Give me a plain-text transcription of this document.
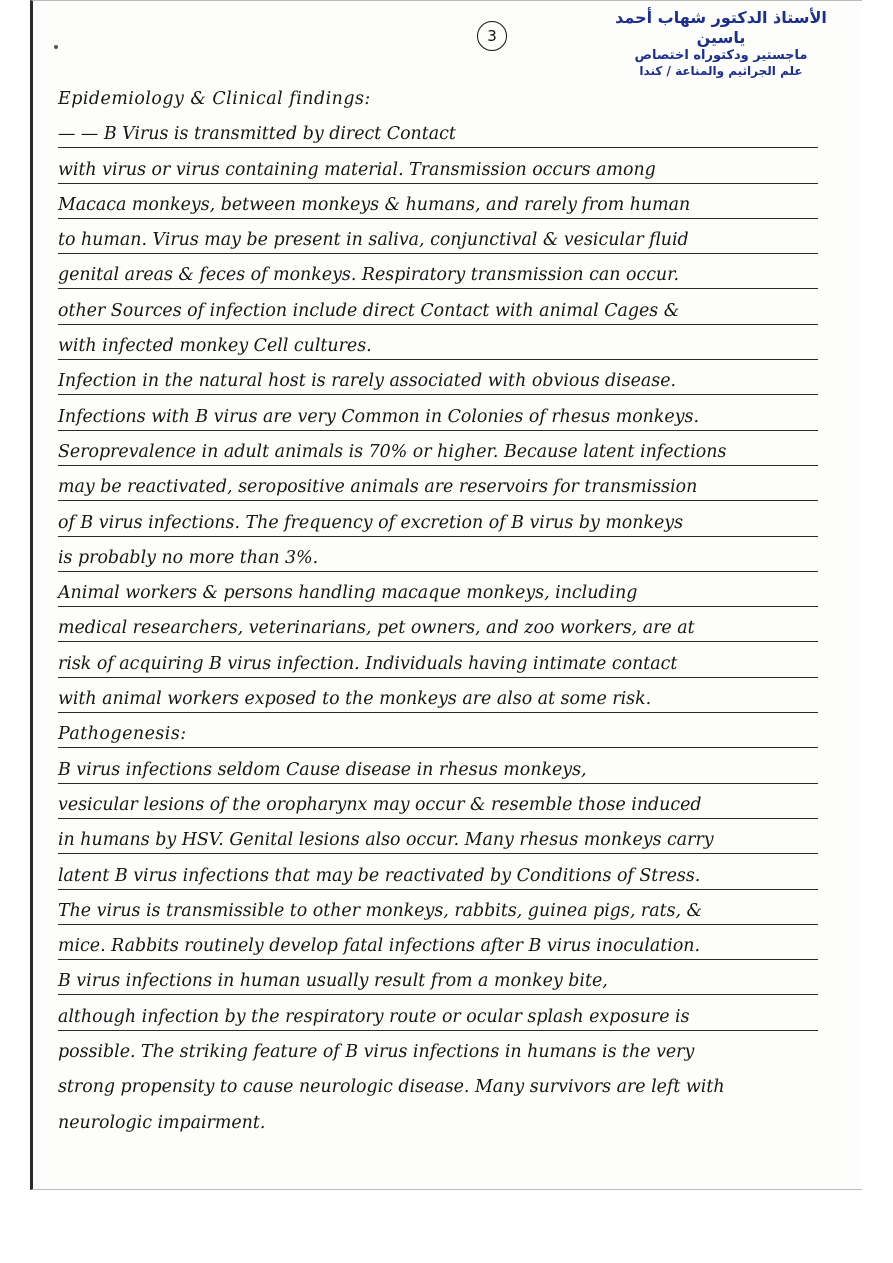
3
الأستاذ الدكتور شهاب أحمد ياسين
ماجستير ودكتوراه اختصاص
علم الجراثيم والمناعة / كندا
Epidemiology & Clinical findings:
— — B Virus is transmitted by direct Contact
with virus or virus containing material. Transmission occurs among
Macaca monkeys, between monkeys & humans, and rarely from human
to human. Virus may be present in saliva, conjunctival & vesicular fluid
genital areas & feces of monkeys. Respiratory transmission can occur.
other Sources of infection include direct Contact with animal Cages &
with infected monkey Cell cultures.
Infection in the natural host is rarely associated with obvious disease.
Infections with B virus are very Common in Colonies of rhesus monkeys.
Seroprevalence in adult animals is 70% or higher. Because latent infections
may be reactivated, seropositive animals are reservoirs for transmission
of B virus infections. The frequency of excretion of B virus by monkeys
is probably no more than 3%.
Animal workers & persons handling macaque monkeys, including
medical researchers, veterinarians, pet owners, and zoo workers, are at
risk of acquiring B virus infection. Individuals having intimate contact
with animal workers exposed to the monkeys are also at some risk.
Pathogenesis:
B virus infections seldom Cause disease in rhesus monkeys,
vesicular lesions of the oropharynx may occur & resemble those induced
in humans by HSV. Genital lesions also occur. Many rhesus monkeys carry
latent B virus infections that may be reactivated by Conditions of Stress.
The virus is transmissible to other monkeys, rabbits, guinea pigs, rats, &
mice. Rabbits routinely develop fatal infections after B virus inoculation.
B virus infections in human usually result from a monkey bite,
although infection by the respiratory route or ocular splash exposure is
possible. The striking feature of B virus infections in humans is the very
strong propensity to cause neurologic disease. Many survivors are left with
neurologic impairment.
